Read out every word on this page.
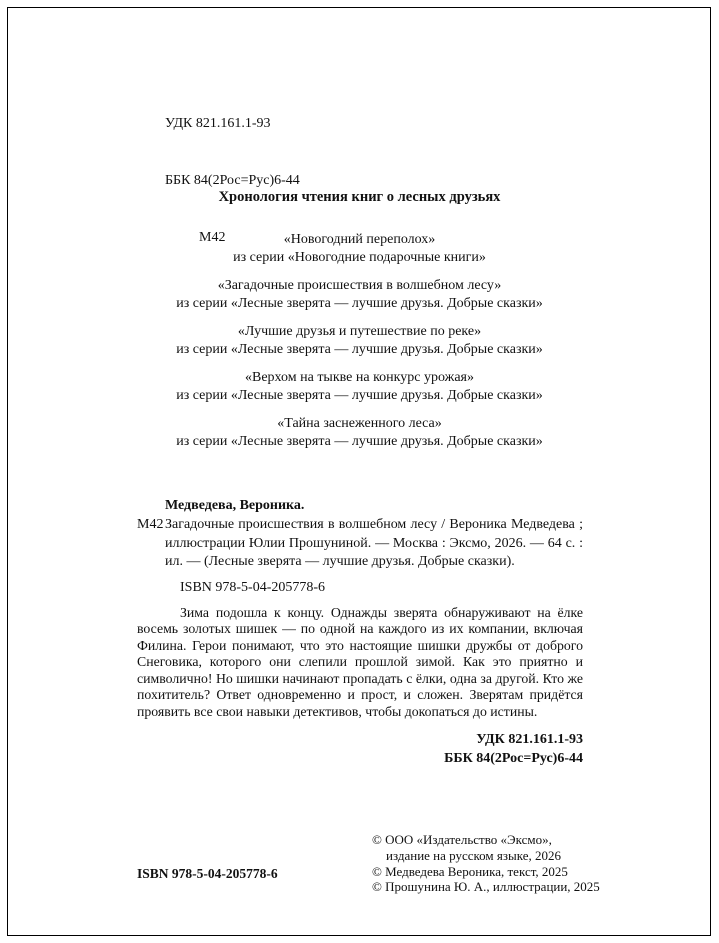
УДК 821.161.1-93

ББК 84(2Рос=Рус)6-44

М42

Хронология чтения книг о лесных друзьях
«Новогодний переполох»
из серии «Новогодние подарочные книги»
«Загадочные происшествия в волшебном лесу»
из серии «Лесные зверята — лучшие друзья. Добрые сказки»
«Лучшие друзья и путешествие по реке»
из серии «Лесные зверята — лучшие друзья. Добрые сказки»
«Верхом на тыкве на конкурс урожая»
из серии «Лесные зверята — лучшие друзья. Добрые сказки»
«Тайна заснеженного леса»
из серии «Лесные зверята — лучшие друзья. Добрые сказки»
Медведева, Вероника.
М42 Загадочные происшествия в волшебном лесу / Вероника Медведева ; иллюстрации Юлии Прошуниной. — Москва : Эксмо, 2026. — 64 с. : ил. — (Лесные зверята — лучшие друзья. Добрые сказки).
ISBN 978-5-04-205778-6
Зима подошла к концу. Однажды зверята обнаруживают на ёлке восемь золотых шишек — по одной на каждого из их компании, включая Филина. Герои понимают, что это настоящие шишки дружбы от доброго Снеговика, которого они слепили прошлой зимой. Как это приятно и символично! Но шишки начинают пропадать с ёлки, одна за другой. Кто же похититель? Ответ одновременно и прост, и сложен. Зверятам придётся проявить все свои навыки детективов, чтобы докопаться до истины.
УДК 821.161.1-93
ББК 84(2Рос=Рус)6-44
© ООО «Издательство «Эксмо»,
издание на русском языке, 2026
© Медведева Вероника, текст, 2025
© Прошунина Ю. А., иллюстрации, 2025
ISBN 978-5-04-205778-6
